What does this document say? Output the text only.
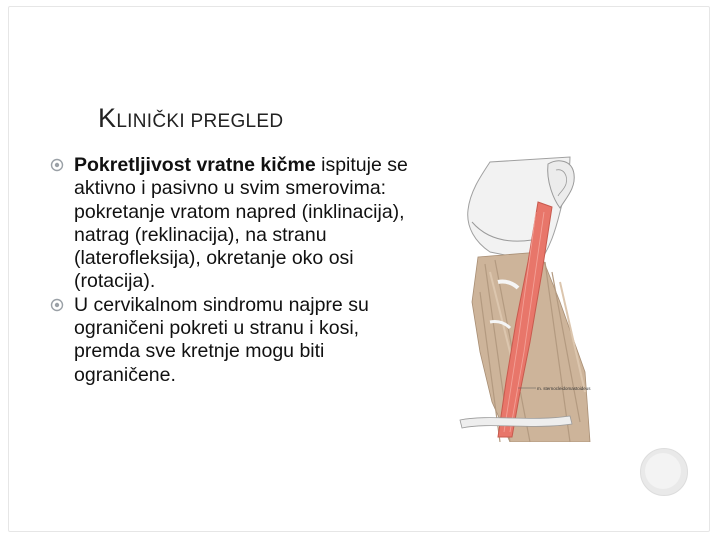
KLINIČKI PREGLED
Pokretljivost vratne kičme ispituje se aktivno i pasivno u svim smerovima: pokretanje vratom napred (inklinacija), natrag (reklinacija), na stranu (laterofleksija), okretanje oko osi (rotacija).
U cervikalnom sindromu najpre su ograničeni pokreti u stranu i kosi, premda sve kretnje mogu biti ograničene.
m. sternocleidomastoideus
